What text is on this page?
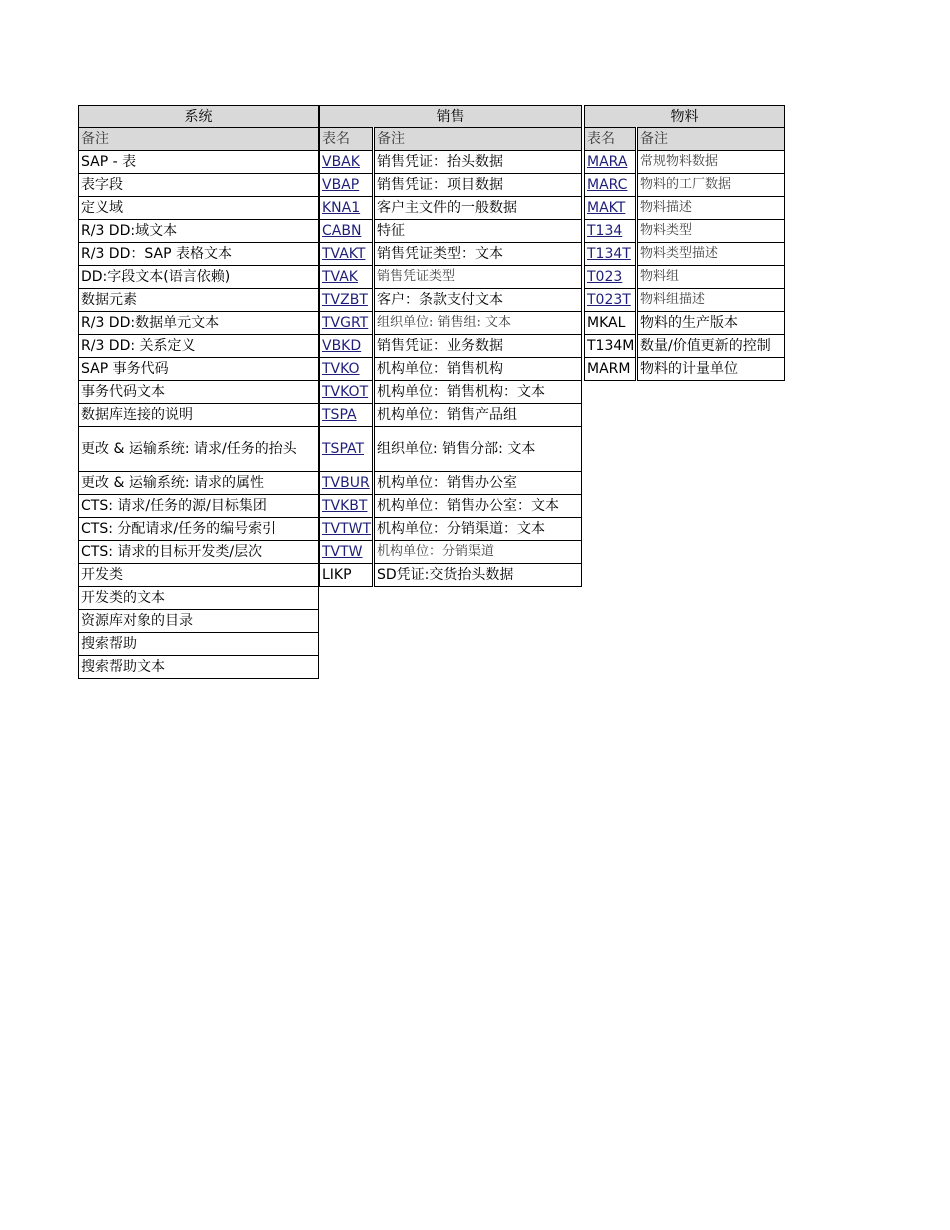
系统
备注
SAP - 表
表字段
定义域
R/3 DD:域文本
R/3 DD：SAP 表格文本
DD:字段文本(语言依赖)
数据元素
R/3 DD:数据单元文本
R/3 DD: 关系定义
SAP 事务代码
事务代码文本
数据库连接的说明
更改 & 运输系统: 请求/任务的抬头
更改 & 运输系统: 请求的属性
CTS: 请求/任务的源/目标集团
CTS: 分配请求/任务的编号索引
CTS: 请求的目标开发类/层次
开发类
开发类的文本
资源库对象的目录
搜索帮助
搜索帮助文本
销售	
表名	备注
VBAK	销售凭证：抬头数据
VBAP	销售凭证：项目数据
KNA1	客户主文件的一般数据
CABN	特征
TVAKT	销售凭证类型：文本
TVAK	销售凭证类型
TVZBT	客户：条款支付文本
TVGRT	组织单位: 销售组: 文本
VBKD	销售凭证：业务数据
TVKO	机构单位：销售机构
TVKOT	机构单位：销售机构：文本
TSPA	机构单位：销售产品组
TSPAT	组织单位: 销售分部: 文本
TVBUR	机构单位：销售办公室
TVKBT	机构单位：销售办公室：文本
TVTWT	机构单位：分销渠道：文本
TVTW	机构单位：分销渠道
LIKP	SD凭证:交货抬头数据
物料	
表名	备注
MARA	常规物料数据
MARC	物料的工厂数据
MAKT	物料描述
T134	物料类型
T134T	物料类型描述
T023	物料组
T023T	物料组描述
MKAL	物料的生产版本
T134M	数量/价值更新的控制
MARM	物料的计量单位
